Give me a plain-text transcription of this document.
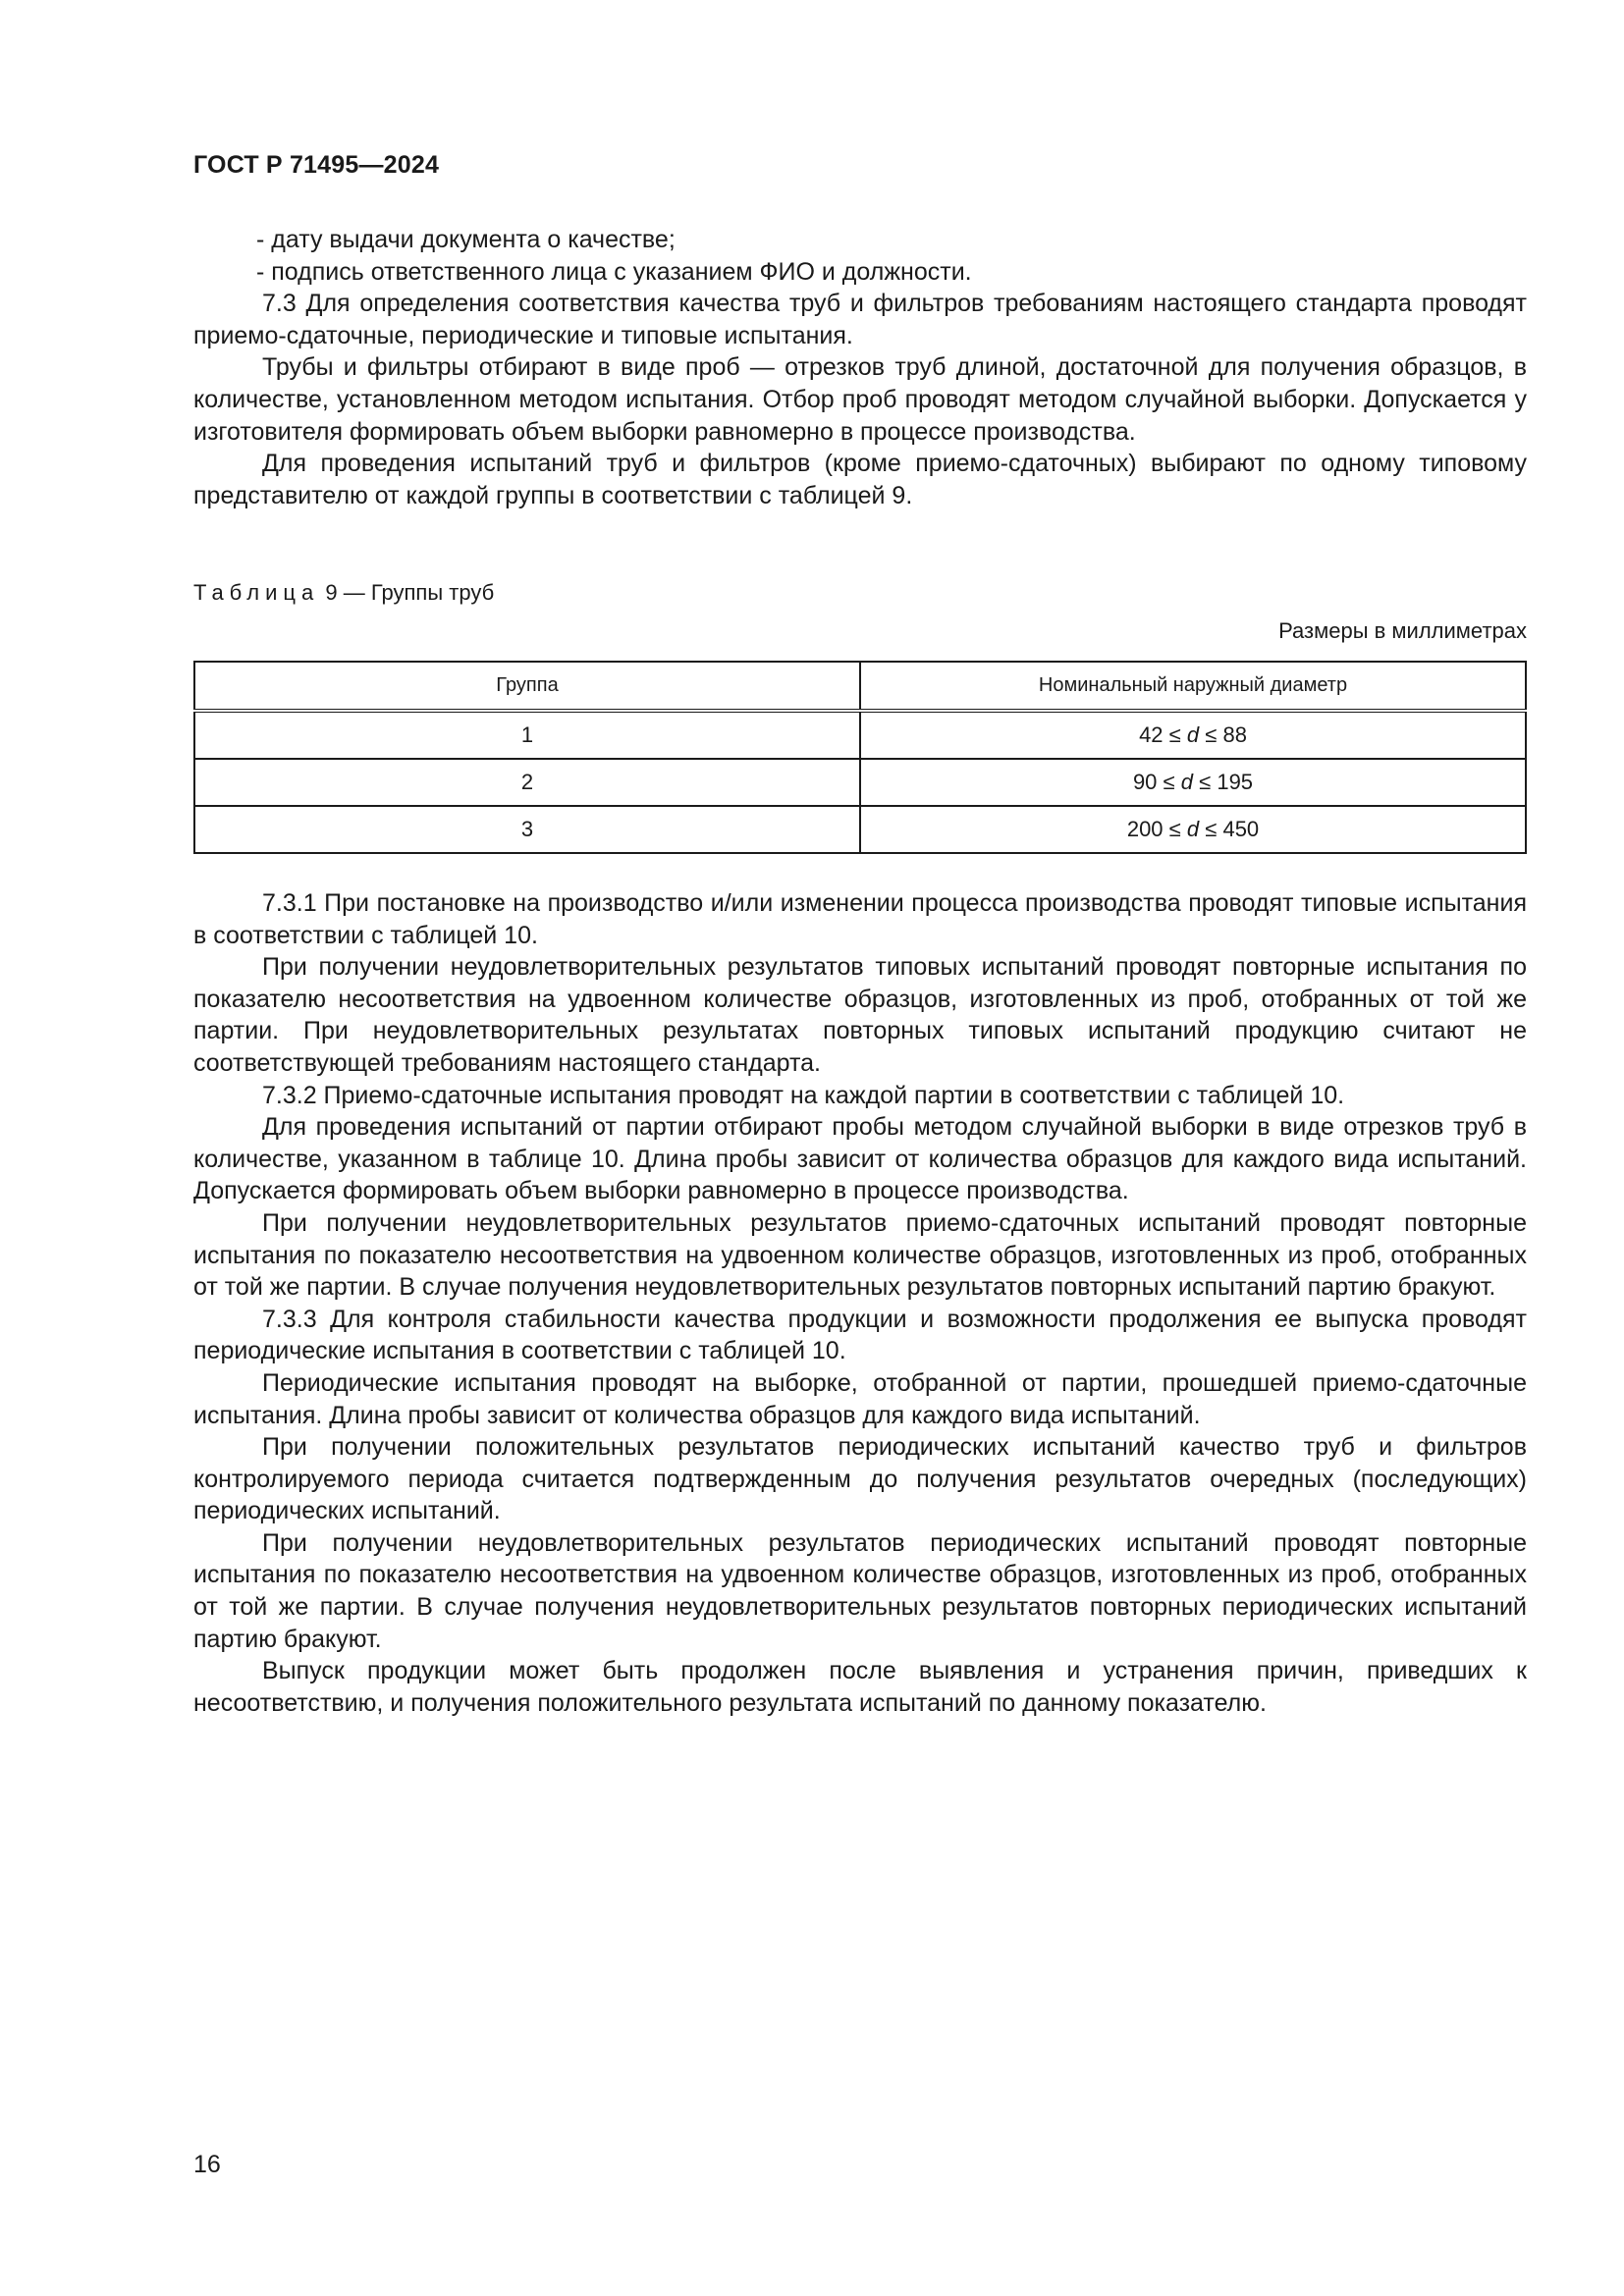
ГОСТ Р 71495—2024

- дату выдачи документа о качестве;

- подпись ответственного лица с указанием ФИО и должности.

7.3 Для определения соответствия качества труб и фильтров требованиям настоящего стандарта проводят приемо-сдаточные, периодические и типовые испытания.

Трубы и фильтры отбирают в виде проб — отрезков труб длиной, достаточной для получения образцов, в количестве, установленном методом испытания. Отбор проб проводят методом случайной выборки. Допускается у изготовителя формировать объем выборки равномерно в процессе производства.

Для проведения испытаний труб и фильтров (кроме приемо-сдаточных) выбирают по одному типовому представителю от каждой группы в соответствии с таблицей 9.

Таблица 9 — Группы труб
Размеры в миллиметрах
Группа	Номинальный наружный диаметр
1	42 ≤ d ≤ 88
2	90 ≤ d ≤ 195
3	200 ≤ d ≤ 450

7.3.1 При постановке на производство и/или изменении процесса производства проводят типовые испытания в соответствии с таблицей 10.

При получении неудовлетворительных результатов типовых испытаний проводят повторные испытания по показателю несоответствия на удвоенном количестве образцов, изготовленных из проб, отобранных от той же партии. При неудовлетворительных результатах повторных типовых испытаний продукцию считают не соответствующей требованиям настоящего стандарта.

7.3.2 Приемо-сдаточные испытания проводят на каждой партии в соответствии с таблицей 10.

Для проведения испытаний от партии отбирают пробы методом случайной выборки в виде отрезков труб в количестве, указанном в таблице 10. Длина пробы зависит от количества образцов для каждого вида испытаний. Допускается формировать объем выборки равномерно в процессе производства.

При получении неудовлетворительных результатов приемо-сдаточных испытаний проводят повторные испытания по показателю несоответствия на удвоенном количестве образцов, изготовленных из проб, отобранных от той же партии. В случае получения неудовлетворительных результатов повторных испытаний партию бракуют.

7.3.3 Для контроля стабильности качества продукции и возможности продолжения ее выпуска проводят периодические испытания в соответствии с таблицей 10.

Периодические испытания проводят на выборке, отобранной от партии, прошедшей приемо-сдаточные испытания. Длина пробы зависит от количества образцов для каждого вида испытаний.

При получении положительных результатов периодических испытаний качество труб и фильтров контролируемого периода считается подтвержденным до получения результатов очередных (последующих) периодических испытаний.

При получении неудовлетворительных результатов периодических испытаний проводят повторные испытания по показателю несоответствия на удвоенном количестве образцов, изготовленных из проб, отобранных от той же партии. В случае получения неудовлетворительных результатов повторных периодических испытаний партию бракуют.

Выпуск продукции может быть продолжен после выявления и устранения причин, приведших к несоответствию, и получения положительного результата испытаний по данному показателю.

16
